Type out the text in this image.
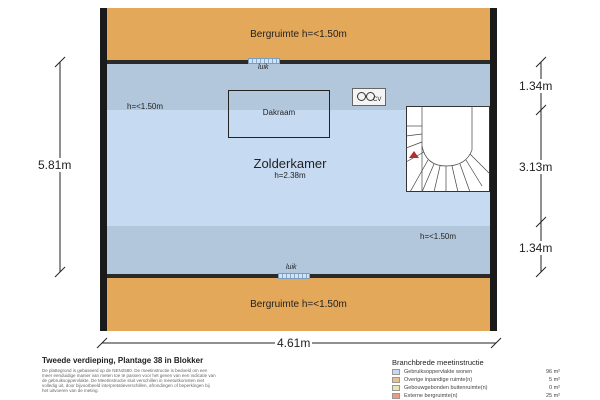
Bergruimte h=<1.50m
Bergruimte h=<1.50m
luik
luik
h=<1.50m
h=<1.50m
Dakraam
Zolderkamer
h=2.38m
CV
5.81m
4.61m
1.34m
3.13m
1.34m
Tweede verdieping, Plantage 38 in Blokker
De plattegrond is gebaseerd op de NEN2580. De meetinstructie is bedoeld om een
meer eenduidige manier van meten toe te passen voor het geven van een indicatie van
de gebruiksoppervlakte. De Meetinstructie sluit verschillen in meetuitkomsten niet
volledig uit, door bijvoorbeeld interpretatieverschillen, afrondingen of beperkingen bij
het uitvoeren van de meting.
Branchbrede meetinstructie
Gebruiksoppervlakte wonen	96 m²
Overige inpandige ruimte(n)	5 m²
Gebouwgebonden buitenruimte(n)	0 m²
Externe bergruimte(n)	25 m²
